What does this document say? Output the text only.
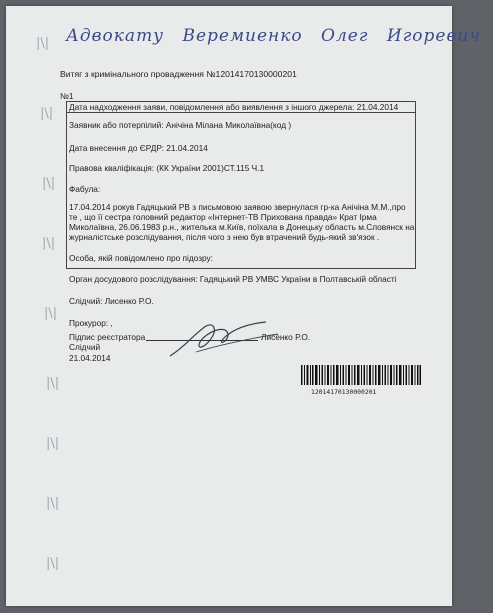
Адвокату Веремиенко Олег Игоревич
|\|
|\|
|\|
|\|
|\|
|\|
|\|
|\|
|\|
Витяг з кримінального провадження №12014170130000201
№1
Дата надходження заяви, повідомлення або виявлення з іншого джерела: 21.04.2014
Заявник або потерпілий: Анічіна Мілана Миколаївна(код )
Дата внесення до ЄРДР: 21.04.2014
Правова кваліфікація: (КК України 2001)СТ.115 Ч.1
Фабула:
17.04.2014 рокув Гадяцький РВ з письмовою заявою звернулася гр-ка Анічіна М.М.,про
те , що її сестра головний редактор «Інтернет-ТВ Прихована правда» Крат Ірма
Миколаївна, 26.06.1983 р.н., жителька м.Київ, поїхала в Донецьку область м.Словянск на
журналістське розслідування, після чого з нею був втрачений будь-який зв'язок .
Особа, якій повідомлено про підозру:
Орган досудового розслідування: Гадяцький РВ УМВС України в Полтавській області
Слідчий: Лисенко Р.О.
Прокурор: ,
Підпис реєстратора	Лисенко Р.О.
Слідчий
21.04.2014
12014170130000201
